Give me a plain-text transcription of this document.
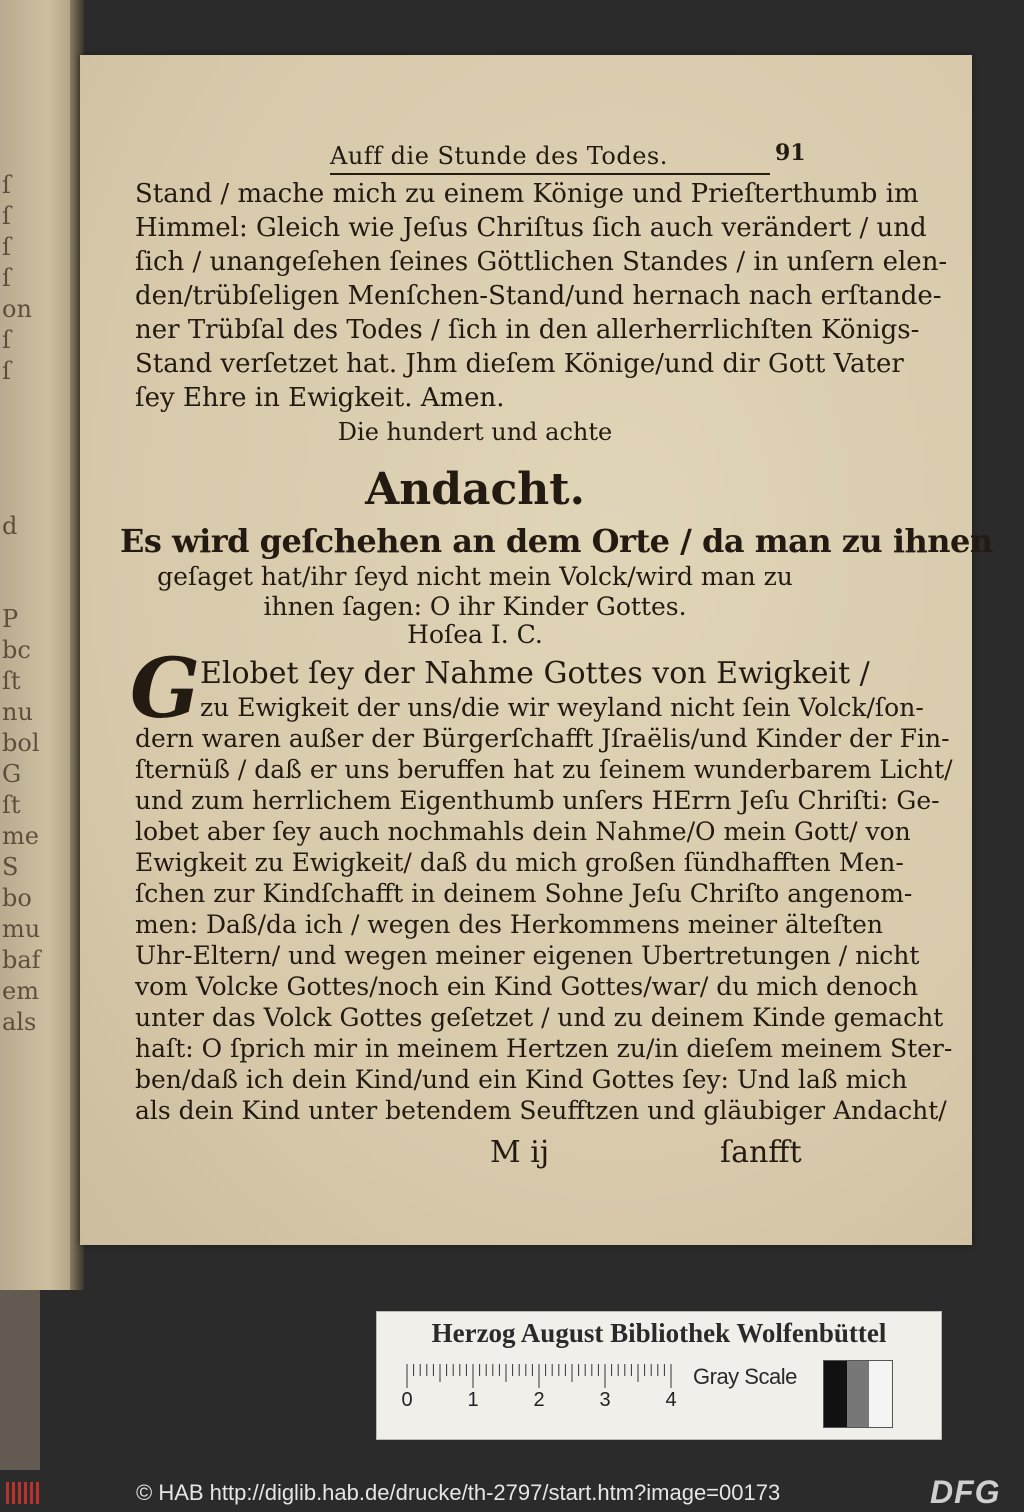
ſ
ſ
ſ
ſ
on
ſ
ſ

d

P
bc
ſt
nu
bol
G
ſt
me
S
bo
mu
baf
em
als
Auff die Stunde des Todes.	91
Stand / mache mich zu einem Könige und Prieſterthumb im
Himmel: Gleich wie Jeſus Chriſtus ſich auch verändert / und
ſich / unangeſehen ſeines Göttlichen Standes / in unſern elen-
den/trübſeligen Menſchen-Stand/und hernach nach erſtande-
ner Trübſal des Todes / ſich in den allerherrlichſten Königs-
Stand verſetzet hat. Jhm dieſem Könige/und dir Gott Vater
ſey Ehre in Ewigkeit. Amen.
Die hundert und achte
Andacht.
Es wird geſchehen an dem Orte / da man zu ihnen
geſaget hat/ihr ſeyd nicht mein Volck/wird man zu
ihnen ſagen: O ihr Kinder Gottes.
Hoſea I. C.
G Elobet ſey der Nahme Gottes von Ewigkeit /
zu Ewigkeit der uns/die wir weyland nicht ſein Volck/ſon-
dern waren außer der Bürgerſchafft Jſraëlis/und Kinder der Fin-
ſternüß / daß er uns beruffen hat zu ſeinem wunderbarem Licht/
und zum herrlichem Eigenthumb unſers HErrn Jeſu Chriſti: Ge-
lobet aber ſey auch nochmahls dein Nahme/O mein Gott/ von
Ewigkeit zu Ewigkeit/ daß du mich großen ſündhafften Men-
ſchen zur Kindſchafft in deinem Sohne Jeſu Chriſto angenom-
men: Daß/da ich / wegen des Herkommens meiner älteſten
Uhr-Eltern/ und wegen meiner eigenen Ubertretungen / nicht
vom Volcke Gottes/noch ein Kind Gottes/war/ du mich denoch
unter das Volck Gottes geſetzet / und zu deinem Kinde gemacht
haſt: O ſprich mir in meinem Hertzen zu/in dieſem meinem Ster-
ben/daß ich dein Kind/und ein Kind Gottes ſey: Und laß mich
als dein Kind unter betendem Seufftzen und gläubiger Andacht/
M ij	ſanfft
Herzog August Bibliothek Wolfenbüttel
0	1	2	3	4
Gray Scale
© HAB http://diglib.hab.de/drucke/th-2797/start.htm?image=00173	DFG
